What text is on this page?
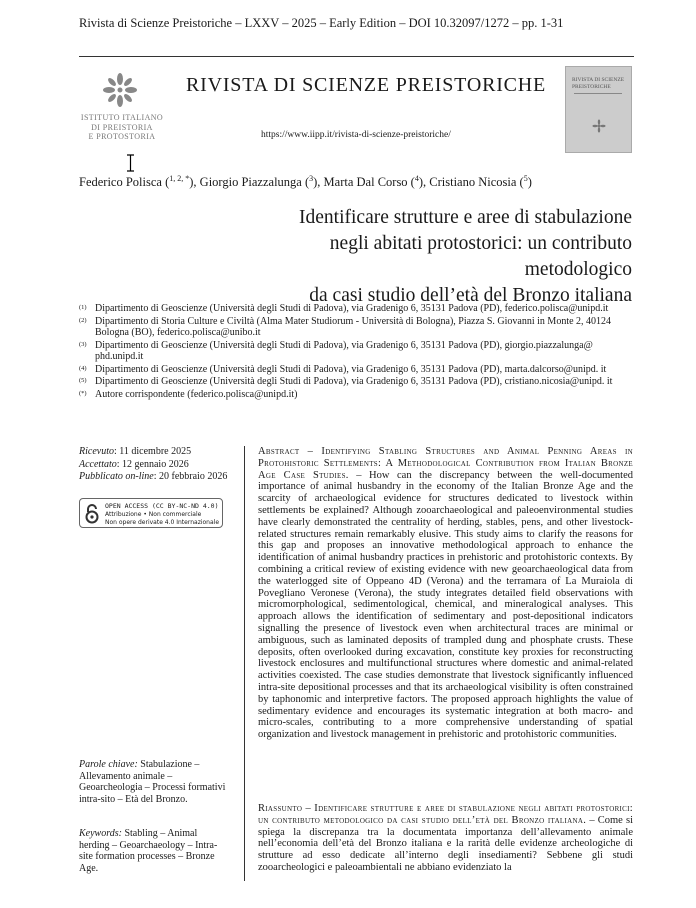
Rivista di Scienze Preistoriche – LXXV – 2025 – Early Edition – DOI 10.32097/1272 – pp. 1-31
ISTITUTO ITALIANO
DI PREISTORIA
E PROTOSTORIA
RIVISTA DI SCIENZE PREISTORICHE
https://www.iipp.it/rivista-di-scienze-preistoriche/
RIVISTA DI SCIENZE PREISTORICHE
Federico Polisca ($^{1, 2, *}$), Giorgio Piazzalunga ($^3$), Marta Dal Corso ($^4$), Cristiano Nicosia ($^5$)
Identificare strutture e aree di stabulazione
negli abitati protostorici: un contributo metodologico
da casi studio dell’età del Bronzo italiana
(1) Dipartimento di Geoscienze (Università degli Studi di Padova), via Gradenigo 6, 35131 Padova (PD), federico.polisca@unipd.it
(2) Dipartimento di Storia Culture e Civiltà (Alma Mater Studiorum - Università di Bologna), Piazza S. Giovanni in Monte 2, 40124 Bologna (BO), federico.polisca@unibo.it
(3) Dipartimento di Geoscienze (Università degli Studi di Padova), via Gradenigo 6, 35131 Padova (PD), giorgio.piazzalunga@ phd.unipd.it
(4) Dipartimento di Geoscienze (Università degli Studi di Padova), via Gradenigo 6, 35131 Padova (PD), marta.dalcorso@unipd. it
(5) Dipartimento di Geoscienze (Università degli Studi di Padova), via Gradenigo 6, 35131 Padova (PD), cristiano.nicosia@unipd. it
(*) Autore corrispondente (federico.polisca@unipd.it)
Ricevuto: 11 dicembre 2025
Accettato: 12 gennaio 2026
Pubblicato on-line: 20 febbraio 2026
OPEN ACCESS (CC BY-NC-ND 4.0)
Attribuzione • Non commerciale
Non opere derivate 4.0 Internazionale
Parole chiave: Stabulazione – Allevamento animale – Geoarcheologia – Processi formativi intra-sito – Età del Bronzo.
Keywords: Stabling – Animal herding – Geoarchaeology – Intra-site formation processes – Bronze Age.
Abstract – Identifying Stabling Structures and Animal Penning Areas in Protohistoric Settlements: A Methodological Contribution from Italian Bronze Age Case Studies. – How can the discrepancy between the well-documented importance of animal husbandry in the economy of the Italian Bronze Age and the scarcity of archaeological evidence for structures dedicated to livestock within settlements be explained? Although zooarchaeological and paleoenvironmental studies have clearly demonstrated the centrality of herding, stables, pens, and other livestock-related structures remain remarkably elusive. This study aims to clarify the reasons for this gap and proposes an innovative methodological approach to enhance the identification of animal husbandry practices in prehistoric and protohistoric contexts. By combining a critical review of existing evidence with new geoarchaeological data from the waterlogged site of Oppeano 4D (Verona) and the terramara of La Muraiola di Povegliano Veronese (Verona), the study integrates detailed field observations with micromorphological, sedimentological, chemical, and mineralogical analyses. This approach allows the identification of sedimentary and post-depositional indicators signalling the presence of livestock even when architectural traces are minimal or ambiguous, such as laminated deposits of trampled dung and phosphate crusts. These deposits, often overlooked during excavation, constitute key proxies for reconstructing livestock enclosures and multifunctional structures where domestic and animal-related activities coexisted. The case studies demonstrate that livestock significantly influenced intra-site depositional processes and that its archaeological visibility is often constrained by taphonomic and interpretive factors. The proposed approach highlights the value of sedimentary evidence and encourages its systematic integration at both macro- and micro-scales, contributing to a more comprehensive understanding of spatial organization and livestock management in prehistoric and protohistoric communities.
Riassunto – Identificare strutture e aree di stabulazione negli abitati protostorici: un contributo metodologico da casi studio dell’età del Bronzo italiana. – Come si spiega la discrepanza tra la documentata importanza dell’allevamento animale nell’economia dell’età del Bronzo italiana e la rarità delle evidenze archeologiche di strutture ad esso dedicate all’interno degli insediamenti? Sebbene gli studi zooarcheologici e paleoambientali ne abbiano evidenziato la
